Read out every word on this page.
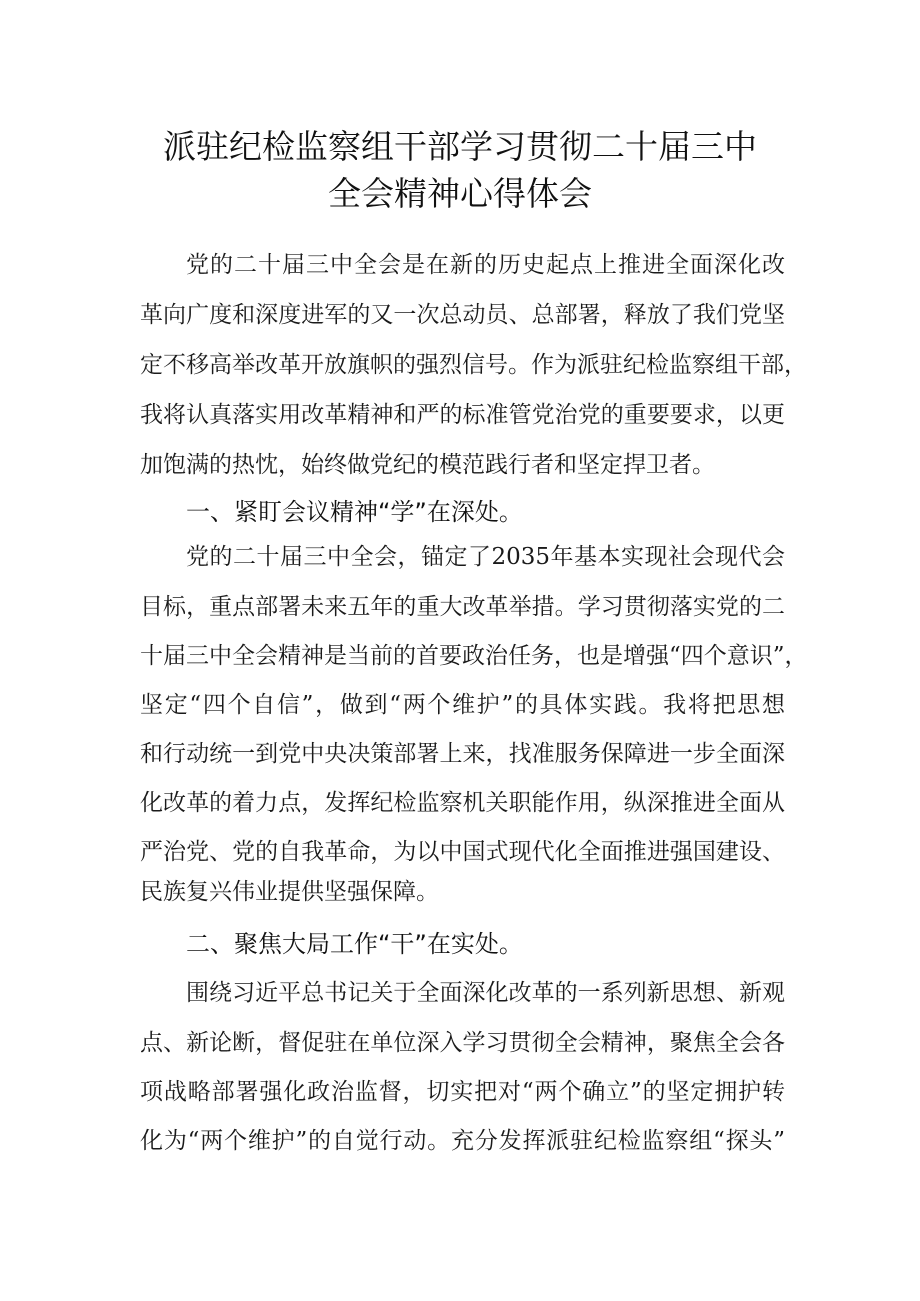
派驻纪检监察组干部学习贯彻二十届三中
全会精神心得体会
党的二十届三中全会是在新的历史起点上推进全面深化改
革向广度和深度进军的又一次总动员、总部署，释放了我们党坚
定不移高举改革开放旗帜的强烈信号。作为派驻纪检监察组干部，
我将认真落实用改革精神和严的标准管党治党的重要要求，以更
加饱满的热忱，始终做党纪的模范践行者和坚定捍卫者。
一、紧盯会议精神“学”在深处。
党的二十届三中全会，锚定了2035年基本实现社会现代会
目标，重点部署未来五年的重大改革举措。学习贯彻落实党的二
十届三中全会精神是当前的首要政治任务，也是增强“四个意识”，
坚定“四个自信”，做到“两个维护”的具体实践。我将把思想
和行动统一到党中央决策部署上来，找准服务保障进一步全面深
化改革的着力点，发挥纪检监察机关职能作用，纵深推进全面从
严治党、党的自我革命，为以中国式现代化全面推进强国建设、
民族复兴伟业提供坚强保障。
二、聚焦大局工作“干”在实处。
围绕习近平总书记关于全面深化改革的一系列新思想、新观
点、新论断，督促驻在单位深入学习贯彻全会精神，聚焦全会各
项战略部署强化政治监督，切实把对“两个确立”的坚定拥护转
化为“两个维护”的自觉行动。充分发挥派驻纪检监察组“探头”
